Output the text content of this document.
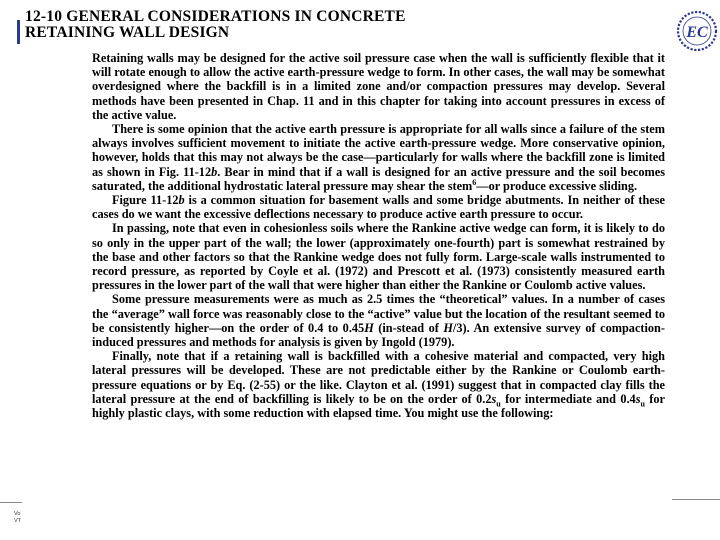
12-10 GENERAL CONSIDERATIONS IN CONCRETE
RETAINING WALL DESIGN	EC

Retaining walls may be designed for the active soil pressure case when the wall is sufficiently flexible that it will rotate enough to allow the active earth-pressure wedge to form. In other cases, the wall may be somewhat overdesigned where the backfill is in a limited zone and/or compaction pressures may develop. Several methods have been presented in Chap. 11 and in this chapter for taking into account pressures in excess of the active value.

There is some opinion that the active earth pressure is appropriate for all walls since a failure of the stem always involves sufficient movement to initiate the active earth-pressure wedge. More conservative opinion, however, holds that this may not always be the case—particularly for walls where the backfill zone is limited as shown in Fig. 11-12b. Bear in mind that if a wall is designed for an active pressure and the soil becomes saturated, the additional hydrostatic lateral pressure may shear the stem$^6$—or produce excessive sliding.

Figure 11-12b is a common situation for basement walls and some bridge abutments. In neither of these cases do we want the excessive deflections necessary to produce active earth pressure to occur.

In passing, note that even in cohesionless soils where the Rankine active wedge can form, it is likely to do so only in the upper part of the wall; the lower (approximately one-fourth) part is somewhat restrained by the base and other factors so that the Rankine wedge does not fully form. Large-scale walls instrumented to record pressure, as reported by Coyle et al. (1972) and Prescott et al. (1973) consistently measured earth pressures in the lower part of the wall that were higher than either the Rankine or Coulomb active values.

Some pressure measurements were as much as 2.5 times the “theoretical” values. In a number of cases the “average” wall force was reasonably close to the “active” value but the location of the resultant seemed to be consistently higher—on the order of 0.4 to 0.45H (in-stead of H/3). An extensive survey of compaction-induced pressures and methods for analysis is given by Ingold (1979).

Finally, note that if a retaining wall is backfilled with a cohesive material and compacted, very high lateral pressures will be developed. These are not predictable either by the Rankine or Coulomb earth-pressure equations or by Eq. (2-55) or the like. Clayton et al. (1991) suggest that in compacted clay fills the lateral pressure at the end of backfilling is likely to be on the order of $0.2s_u$ for intermediate and $0.4s_u$ for highly plastic clays, with some reduction with elapsed time. You might use the following:

Vo
VT
